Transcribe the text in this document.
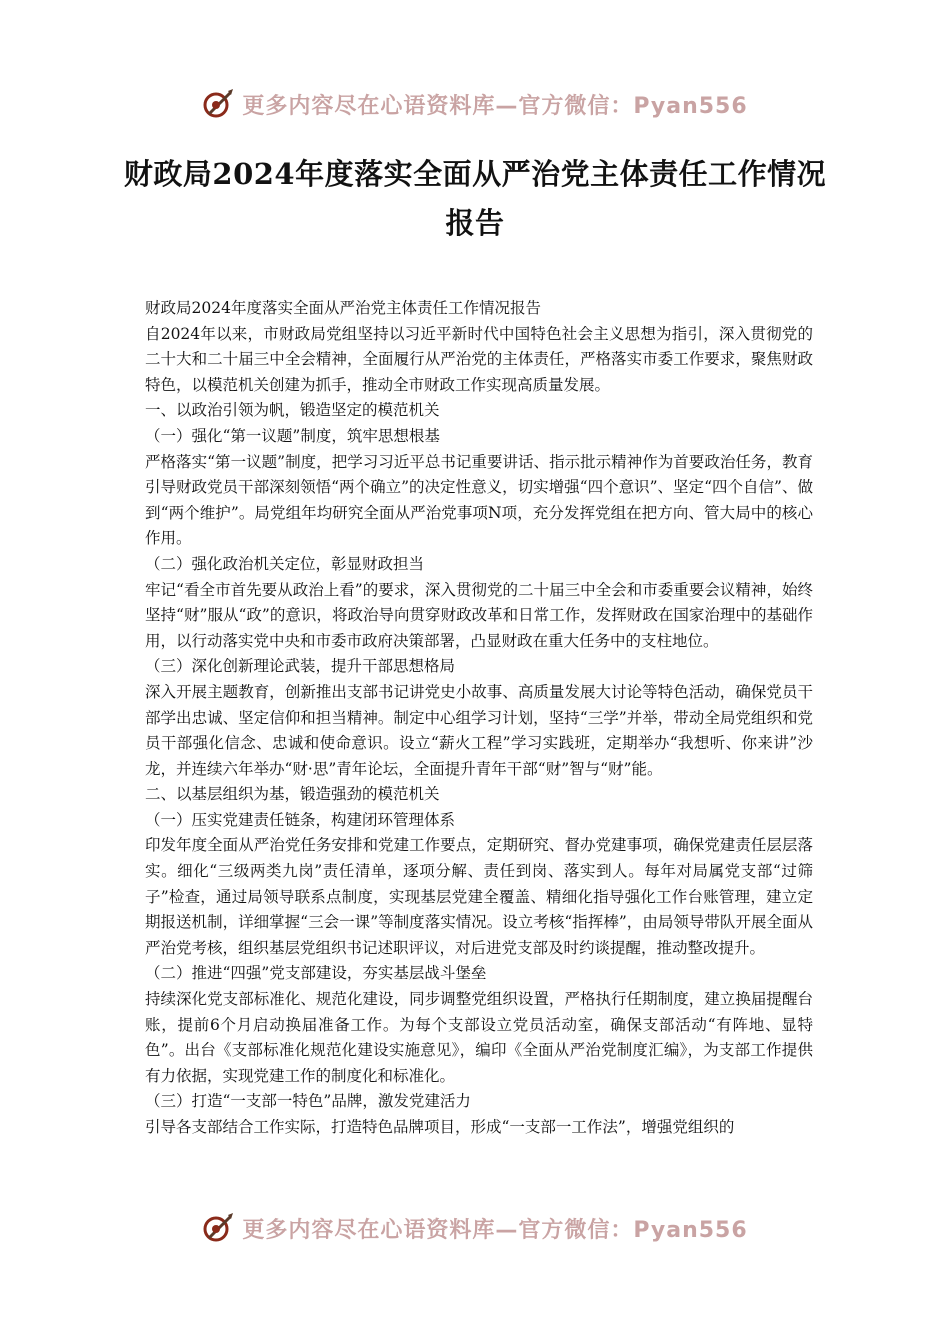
更多内容尽在心语资料库—官方微信：Pyan556
财政局2024年度落实全面从严治党主体责任工作情况报告

财政局2024年度落实全面从严治党主体责任工作情况报告

自2024年以来，市财政局党组坚持以习近平新时代中国特色社会主义思想为指引，深入贯彻党的二十大和二十届三中全会精神，全面履行从严治党的主体责任，严格落实市委工作要求，聚焦财政特色，以模范机关创建为抓手，推动全市财政工作实现高质量发展。

一、以政治引领为帆，锻造坚定的模范机关

（一）强化“第一议题”制度，筑牢思想根基

严格落实“第一议题”制度，把学习习近平总书记重要讲话、指示批示精神作为首要政治任务，教育引导财政党员干部深刻领悟“两个确立”的决定性意义，切实增强“四个意识”、坚定“四个自信”、做到“两个维护”。局党组年均研究全面从严治党事项N项，充分发挥党组在把方向、管大局中的核心作用。

（二）强化政治机关定位，彰显财政担当

牢记“看全市首先要从政治上看”的要求，深入贯彻党的二十届三中全会和市委重要会议精神，始终坚持“财”服从“政”的意识，将政治导向贯穿财政改革和日常工作，发挥财政在国家治理中的基础作用，以行动落实党中央和市委市政府决策部署，凸显财政在重大任务中的支柱地位。

（三）深化创新理论武装，提升干部思想格局

深入开展主题教育，创新推出支部书记讲党史小故事、高质量发展大讨论等特色活动，确保党员干部学出忠诚、坚定信仰和担当精神。制定中心组学习计划，坚持“三学”并举，带动全局党组织和党员干部强化信念、忠诚和使命意识。设立“薪火工程”学习实践班，定期举办“我想听、你来讲”沙龙，并连续六年举办“财·思”青年论坛，全面提升青年干部“财”智与“财”能。

二、以基层组织为基，锻造强劲的模范机关

（一）压实党建责任链条，构建闭环管理体系

印发年度全面从严治党任务安排和党建工作要点，定期研究、督办党建事项，确保党建责任层层落实。细化“三级两类九岗”责任清单，逐项分解、责任到岗、落实到人。每年对局属党支部“过筛子”检查，通过局领导联系点制度，实现基层党建全覆盖、精细化指导强化工作台账管理，建立定期报送机制，详细掌握“三会一课”等制度落实情况。设立考核“指挥棒”，由局领导带队开展全面从严治党考核，组织基层党组织书记述职评议，对后进党支部及时约谈提醒，推动整改提升。

（二）推进“四强”党支部建设，夯实基层战斗堡垒

持续深化党支部标准化、规范化建设，同步调整党组织设置，严格执行任期制度，建立换届提醒台账，提前6个月启动换届准备工作。为每个支部设立党员活动室，确保支部活动“有阵地、显特色”。出台《支部标准化规范化建设实施意见》，编印《全面从严治党制度汇编》，为支部工作提供有力依据，实现党建工作的制度化和标准化。

（三）打造“一支部一特色”品牌，激发党建活力

引导各支部结合工作实际，打造特色品牌项目，形成“一支部一工作法”，增强党组织的

更多内容尽在心语资料库—官方微信：Pyan556
